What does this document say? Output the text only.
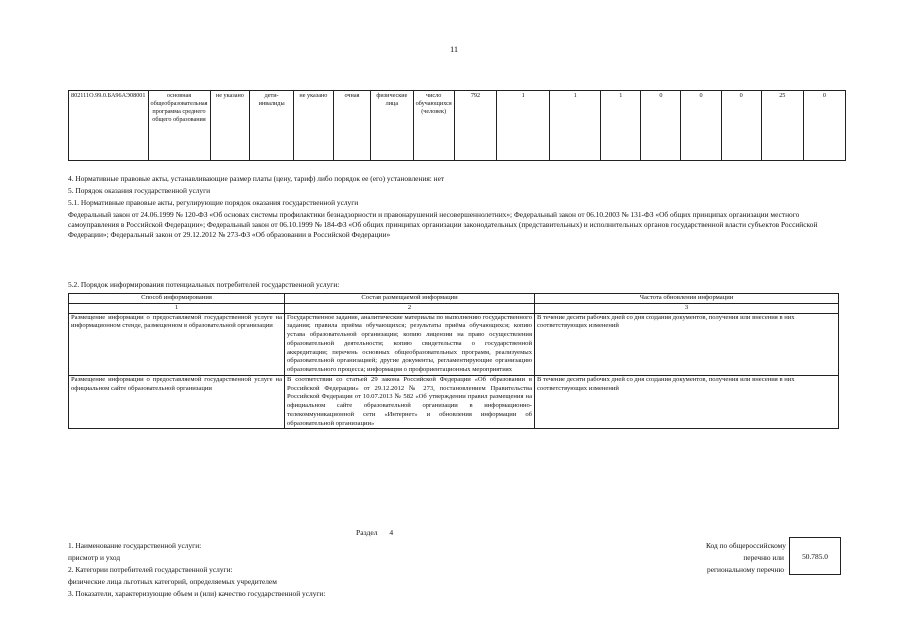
11
802111О.99.0.БА96АЭ08001	основная общеобразовательная программа среднего общего образования	не указано	дети-инвалиды	не указано	очная	физические лица	число обучающихся (человек)	792	1	1	1	0	0	0	25	0
4. Нормативные правовые акты, устанавливающие размер платы (цену, тариф) либо порядок ее (его) установления: нет
5. Порядок оказания государственной услуги
5.1. Нормативные правовые акты, регулирующие порядок оказания государственной услуги
Федеральный закон от 24.06.1999 № 120-ФЗ «Об основах системы профилактики безнадзорности и правонарушений несовершеннолетних»; Федеральный закон от 06.10.2003 № 131-ФЗ «Об общих принципах организации местного самоуправления в Российской Федерации»; Федеральный закон от 06.10.1999 № 184-ФЗ «Об общих принципах организации законодательных (представительных) и исполнительных органов государственной власти субъектов Российской Федерации»; Федеральный закон от 29.12.2012 № 273-ФЗ «Об образовании в Российской Федерации»
5.2. Порядок информирования потенциальных потребителей государственной услуги:
Способ информирования	Состав размещаемой информации	Частота обновления информации
1	2	3
Размещение информации о предоставляемой государственной услуге на информационном стенде, размещенном в образовательной организации	Государственное задание, аналитические материалы по выполнению государственного задания; правила приёма обучающихся; результаты приёма обучающихся; копию устава образовательной организации; копию лицензии на право осуществления образовательной деятельности; копию свидетельства о государственной аккредитации; перечень основных общеобразовательных программ, реализуемых образовательной организацией; другие документы, регламентирующие организацию образовательного процесса; информация о профориентационных мероприятиях	В течение десяти рабочих дней со дня создания документов, получения или внесения в них соответствующих изменений
Размещение информации о предоставляемой государственной услуге на официальном сайте образовательной организации	В соответствии со статьей 29 закона Российской Федерации «Об образовании в Российской Федерации» от 29.12.2012 № 273, постановлением Правительства Российской Федерации от 10.07.2013 № 582 «Об утверждении правил размещения на официальном сайте образовательной организации в информационно-телекоммуникационной сети «Интернет» и обновления информации об образовательной организации»	В течение десяти рабочих дней со дня создания документов, получения или внесения в них соответствующих изменений
Раздел 4
1. Наименование государственной услуги:
присмотр и уход
2. Категории потребителей государственной услуги:
физические лица льготных категорий, определяемых учредителем
3. Показатели, характеризующие объем и (или) качество государственной услуги:
Код по общероссийскому
перечню или
региональному перечню
50.785.0
